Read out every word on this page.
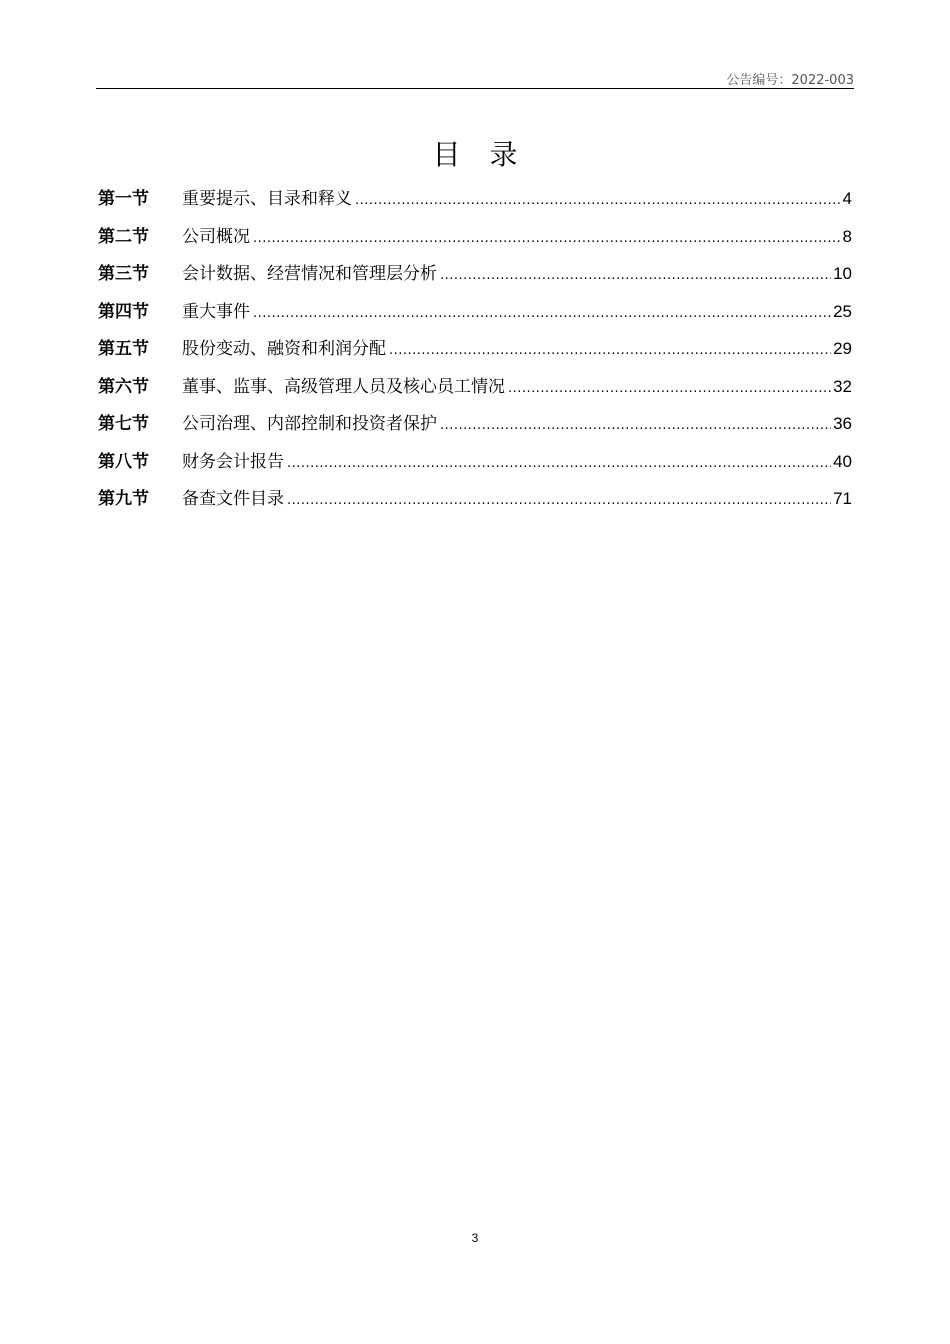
公告编号：2022-003
目 录
第一节	重要提示、目录和释义 .....	4
第二节	公司概况 .....	8
第三节	会计数据、经营情况和管理层分析 .....	10
第四节	重大事件 .....	25
第五节	股份变动、融资和利润分配 .....	29
第六节	董事、监事、高级管理人员及核心员工情况 .....	32
第七节	公司治理、内部控制和投资者保护 .....	36
第八节	财务会计报告 .....	40
第九节	备查文件目录 .....	71
3
